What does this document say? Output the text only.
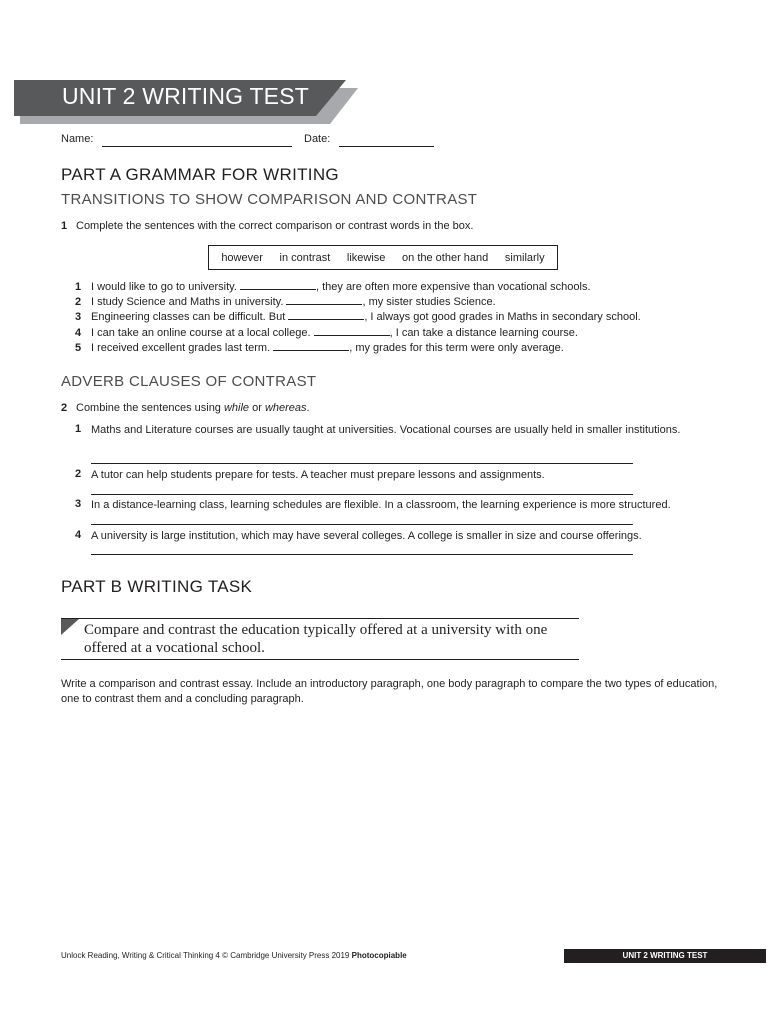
UNIT 2 WRITING TEST
Name:	Date:
PART A GRAMMAR FOR WRITING
TRANSITIONS TO SHOW COMPARISON AND CONTRAST
1 Complete the sentences with the correct comparison or contrast words in the box.
however in contrast likewise on the other hand similarly
1 I would like to go to university.	, they are often more expensive than vocational schools.
2 I study Science and Maths in university.	, my sister studies Science.
3 Engineering classes can be difficult. But	, I always got good grades in Maths in secondary school.
4 I can take an online course at a local college.	, I can take a distance learning course.
5 I received excellent grades last term.	, my grades for this term were only average.
ADVERB CLAUSES OF CONTRAST
2 Combine the sentences using while or whereas.
1 Maths and Literature courses are usually taught at universities. Vocational courses are usually held in smaller institutions.
2 A tutor can help students prepare for tests. A teacher must prepare lessons and assignments.
3 In a distance-learning class, learning schedules are flexible. In a classroom, the learning experience is more structured.
4 A university is large institution, which may have several colleges. A college is smaller in size and course offerings.
PART B WRITING TASK
Compare and contrast the education typically offered at a university with one offered at a vocational school.
Write a comparison and contrast essay. Include an introductory paragraph, one body paragraph to compare the two types of education, one to contrast them and a concluding paragraph.
Unlock Reading, Writing & Critical Thinking 4 © Cambridge University Press 2019 Photocopiable	UNIT 2 WRITING TEST
